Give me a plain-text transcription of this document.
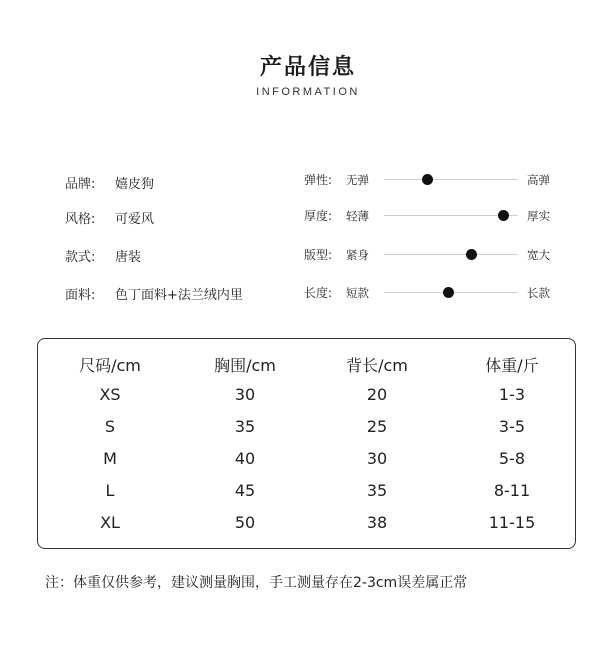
产品信息
INFORMATION
品牌: 嬉皮狗
风格: 可爱风
款式: 唐装
面料: 色丁面料+法兰绒内里
弹性: 无弹	高弹
厚度: 轻薄	厚实
版型: 紧身	宽大
长度: 短款	长款
尺码/cm	胸围/cm	背长/cm	体重/斤
XS	30	20	1-3
S	35	25	3-5
M	40	30	5-8
L	45	35	8-11
XL	50	38	11-15
注：体重仅供参考，建议测量胸围，手工测量存在2-3cm误差属正常
